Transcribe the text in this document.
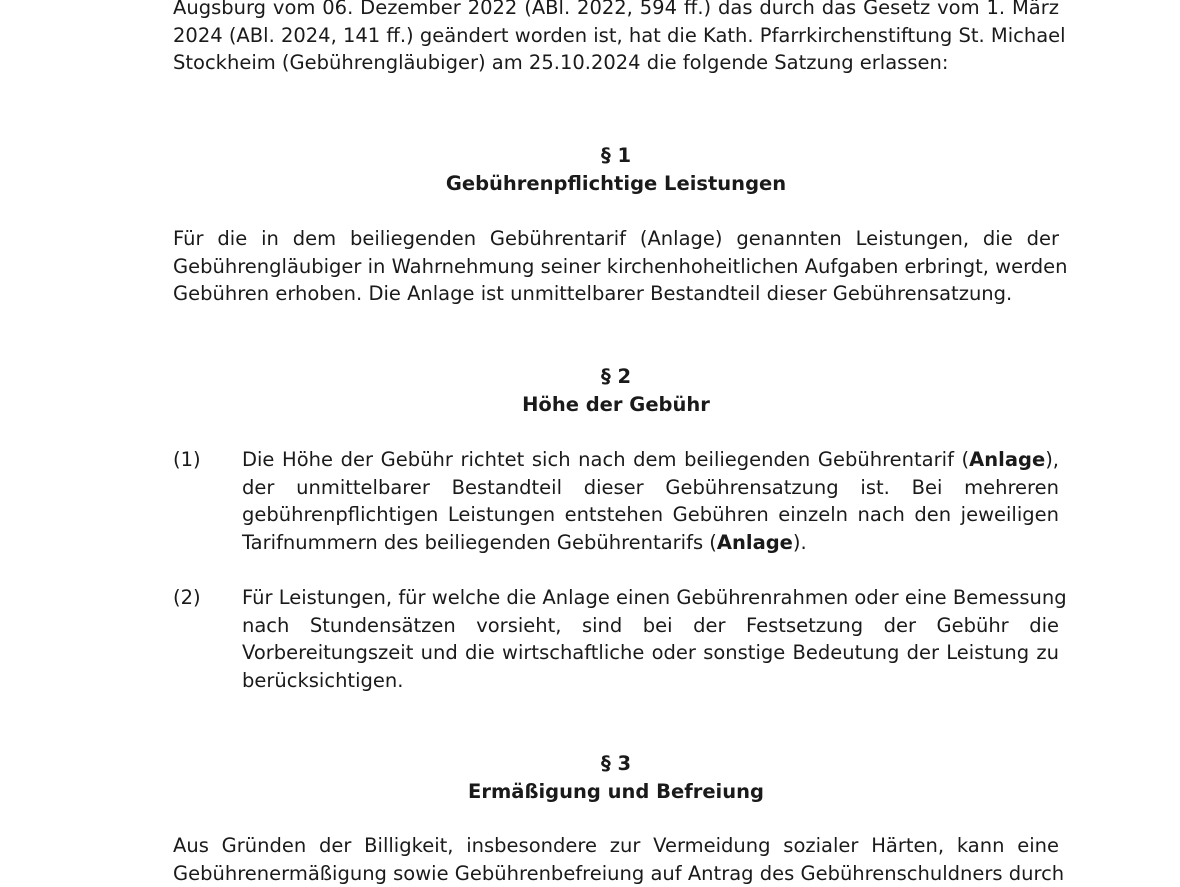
Augsburg vom 06. Dezember 2022 (ABl. 2022, 594 ff.) das durch das Gesetz vom 1. März
2024 (ABl. 2024, 141 ff.) geändert worden ist, hat die Kath. Pfarrkirchenstiftung St. Michael
Stockheim (Gebührengläubiger) am 25.10.2024 die folgende Satzung erlassen:

§ 1

Gebührenpflichtige Leistungen

Für die in dem beiliegenden Gebührentarif (Anlage) genannten Leistungen, die der
Gebührengläubiger in Wahrnehmung seiner kirchenhoheitlichen Aufgaben erbringt, werden
Gebühren erhoben. Die Anlage ist unmittelbarer Bestandteil dieser Gebührensatzung.

§ 2

Höhe der Gebühr

(1) Die Höhe der Gebühr richtet sich nach dem beiliegenden Gebührentarif (Anlage),
der unmittelbarer Bestandteil dieser Gebührensatzung ist. Bei mehreren
gebührenpflichtigen Leistungen entstehen Gebühren einzeln nach den jeweiligen
Tarifnummern des beiliegenden Gebührentarifs (Anlage).

(2) Für Leistungen, für welche die Anlage einen Gebührenrahmen oder eine Bemessung
nach Stundensätzen vorsieht, sind bei der Festsetzung der Gebühr die
Vorbereitungszeit und die wirtschaftliche oder sonstige Bedeutung der Leistung zu
berücksichtigen.

§ 3

Ermäßigung und Befreiung

Aus Gründen der Billigkeit, insbesondere zur Vermeidung sozialer Härten, kann eine
Gebührenermäßigung sowie Gebührenbefreiung auf Antrag des Gebührenschuldners durch
